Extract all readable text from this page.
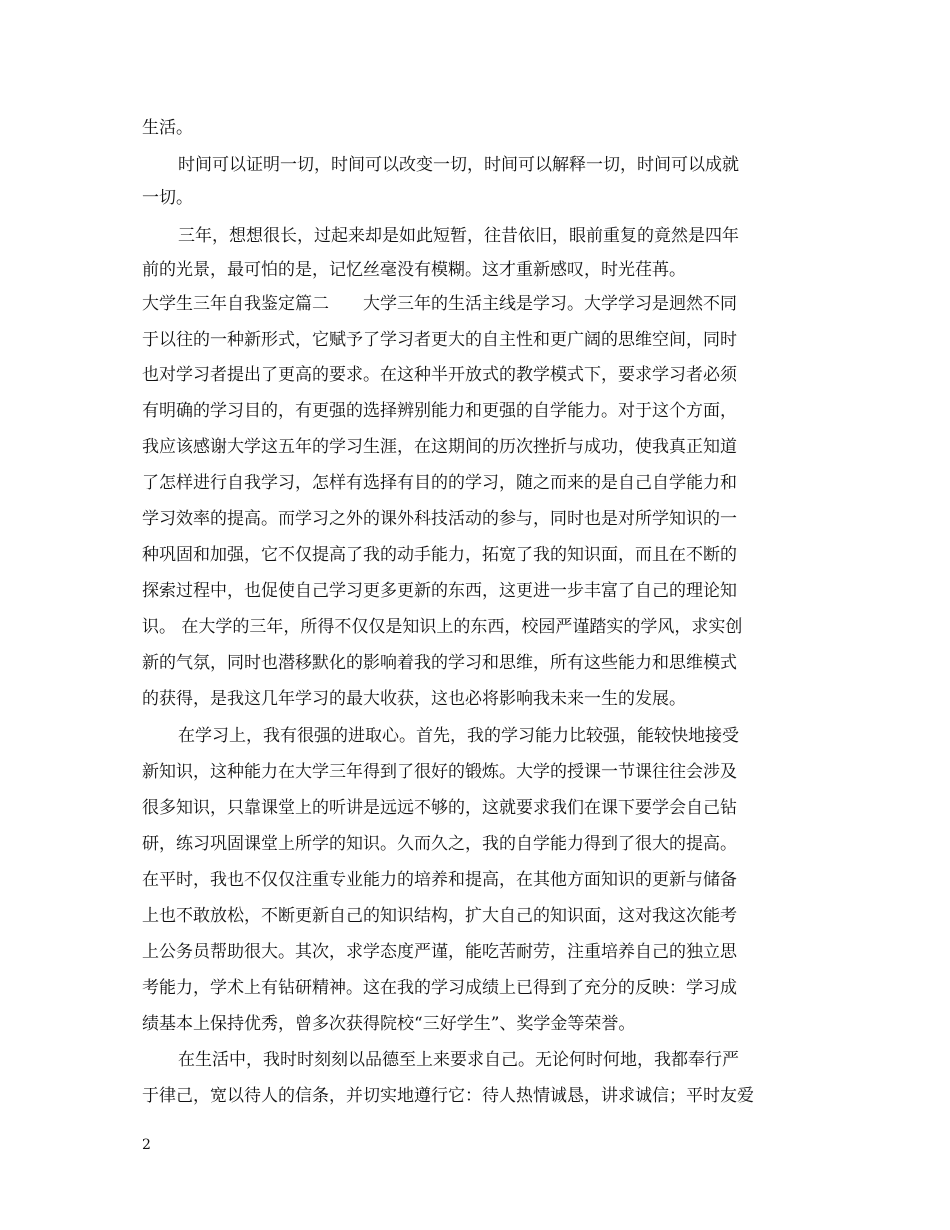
生活。
时间可以证明一切，时间可以改变一切，时间可以解释一切，时间可以成就
一切。
三年，想想很长，过起来却是如此短暂，往昔依旧，眼前重复的竟然是四年
前的光景，最可怕的是，记忆丝毫没有模糊。这才重新感叹，时光荏苒。
大学生三年自我鉴定篇二　　大学三年的生活主线是学习。大学学习是迥然不同
于以往的一种新形式，它赋予了学习者更大的自主性和更广阔的思维空间，同时
也对学习者提出了更高的要求。在这种半开放式的教学模式下，要求学习者必须
有明确的学习目的，有更强的选择辨别能力和更强的自学能力。对于这个方面，
我应该感谢大学这五年的学习生涯，在这期间的历次挫折与成功，使我真正知道
了怎样进行自我学习，怎样有选择有目的的学习，随之而来的是自己自学能力和
学习效率的提高。而学习之外的课外科技活动的参与，同时也是对所学知识的一
种巩固和加强，它不仅提高了我的动手能力，拓宽了我的知识面，而且在不断的
探索过程中，也促使自己学习更多更新的东西，这更进一步丰富了自己的理论知
识。 在大学的三年，所得不仅仅是知识上的东西，校园严谨踏实的学风，求实创
新的气氛，同时也潜移默化的影响着我的学习和思维，所有这些能力和思维模式
的获得，是我这几年学习的最大收获，这也必将影响我未来一生的发展。
在学习上，我有很强的进取心。首先，我的学习能力比较强，能较快地接受
新知识，这种能力在大学三年得到了很好的锻炼。大学的授课一节课往往会涉及
很多知识，只靠课堂上的听讲是远远不够的，这就要求我们在课下要学会自己钻
研，练习巩固课堂上所学的知识。久而久之，我的自学能力得到了很大的提高。
在平时，我也不仅仅注重专业能力的培养和提高，在其他方面知识的更新与储备
上也不敢放松，不断更新自己的知识结构，扩大自己的知识面，这对我这次能考
上公务员帮助很大。其次，求学态度严谨，能吃苦耐劳，注重培养自己的独立思
考能力，学术上有钻研精神。这在我的学习成绩上已得到了充分的反映：学习成
绩基本上保持优秀，曾多次获得院校“三好学生”、奖学金等荣誉。
在生活中，我时时刻刻以品德至上来要求自己。无论何时何地，我都奉行严
于律己，宽以待人的信条，并切实地遵行它：待人热情诚恳，讲求诚信；平时友爱
2
